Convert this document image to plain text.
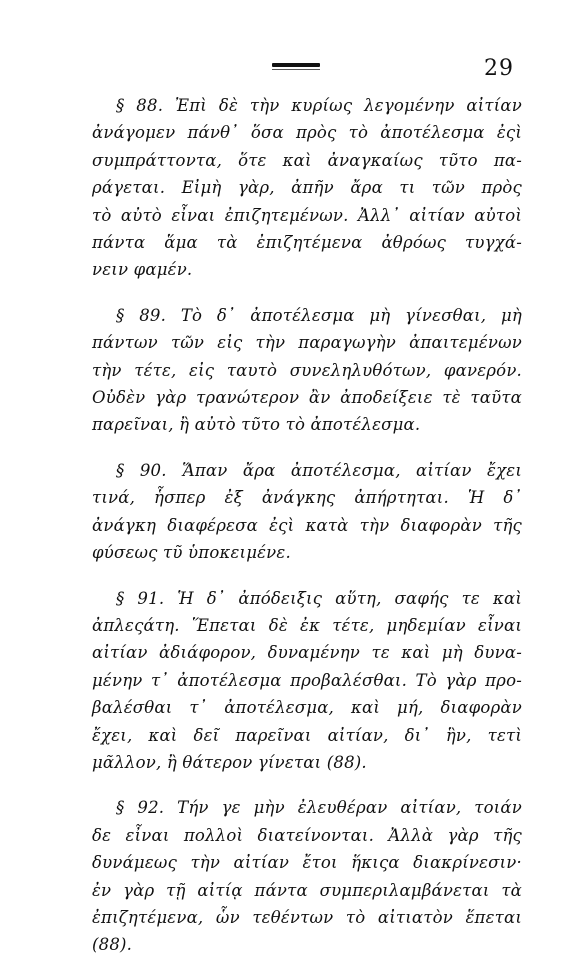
29
§ 88. Ἐπὶ δὲ τὴν κυρίως λεγομένην αἰτίαν
ἀνάγομεν πάνθ᾽ ὅσα πρὸς τὸ ἀποτέλεσμα ἐςὶ
συμπράττοντα, ὅτε καὶ ἀναγκαίως τῦτο πα-
ράγεται. Εἰμὴ γὰρ, ἀπῆν ἄρα τι τῶν πρὸς
τὸ αὐτὸ εἶναι ἐπιζητεμένων. Ἀλλ᾽ αἰτίαν αὐτοὶ
πάντα ἅμα τὰ ἐπιζητέμενα ἀθρόως τυγχά-
νειν φαμέν.
§ 89. Τὸ δ᾽ ἀποτέλεσμα μὴ γίνεσθαι, μὴ
πάντων τῶν εἰς τὴν παραγωγὴν ἀπαιτεμένων
τὴν τέτε, εἰς ταυτὸ συνεληλυθότων, φανερόν.
Οὐδὲν γὰρ τρανώτερον ἂν ἀποδείξειε τὲ ταῦτα
παρεῖναι, ἢ αὐτὸ τῦτο τὸ ἀποτέλεσμα.
§ 90. Ἅπαν ἄρα ἀποτέλεσμα, αἰτίαν ἔχει
τινά, ἧσπερ ἐξ ἀνάγκης ἀπήρτηται. Ἡ δ᾽
ἀνάγκη διαφέρεσα ἐςὶ κατὰ τὴν διαφορὰν τῆς
φύσεως τῦ ὑποκειμένε.
§ 91. Ἡ δ᾽ ἀπόδειξις αὕτη, σαφής τε καὶ
ἀπλεςάτη. Ἕπεται δὲ ἐκ τέτε, μηδεμίαν εἶναι
αἰτίαν ἀδιάφορον, δυναμένην τε καὶ μὴ δυνα-
μένην τ᾽ ἀποτέλεσμα προβαλέσθαι. Τὸ γὰρ προ-
βαλέσθαι τ᾽ ἀποτέλεσμα, καὶ μή, διαφορὰν
ἔχει, καὶ δεῖ παρεῖναι αἰτίαν, δι᾽ ἣν, τετὶ
μᾶλλον, ἢ θάτερον γίνεται (88).
§ 92. Τήν γε μὴν ἐλευθέραν αἰτίαν, τοιάν
δε εἶναι πολλοὶ διατείνονται. Ἀλλὰ γὰρ τῆς
δυνάμεως τὴν αἰτίαν ἔτοι ἥκιςα διακρίνεσιν·
ἐν γὰρ τῇ αἰτίᾳ πάντα συμπεριλαμβάνεται τὰ
ἐπιζητέμενα, ὧν τεθέντων τὸ αἰτιατὸν ἕπεται
(88).
